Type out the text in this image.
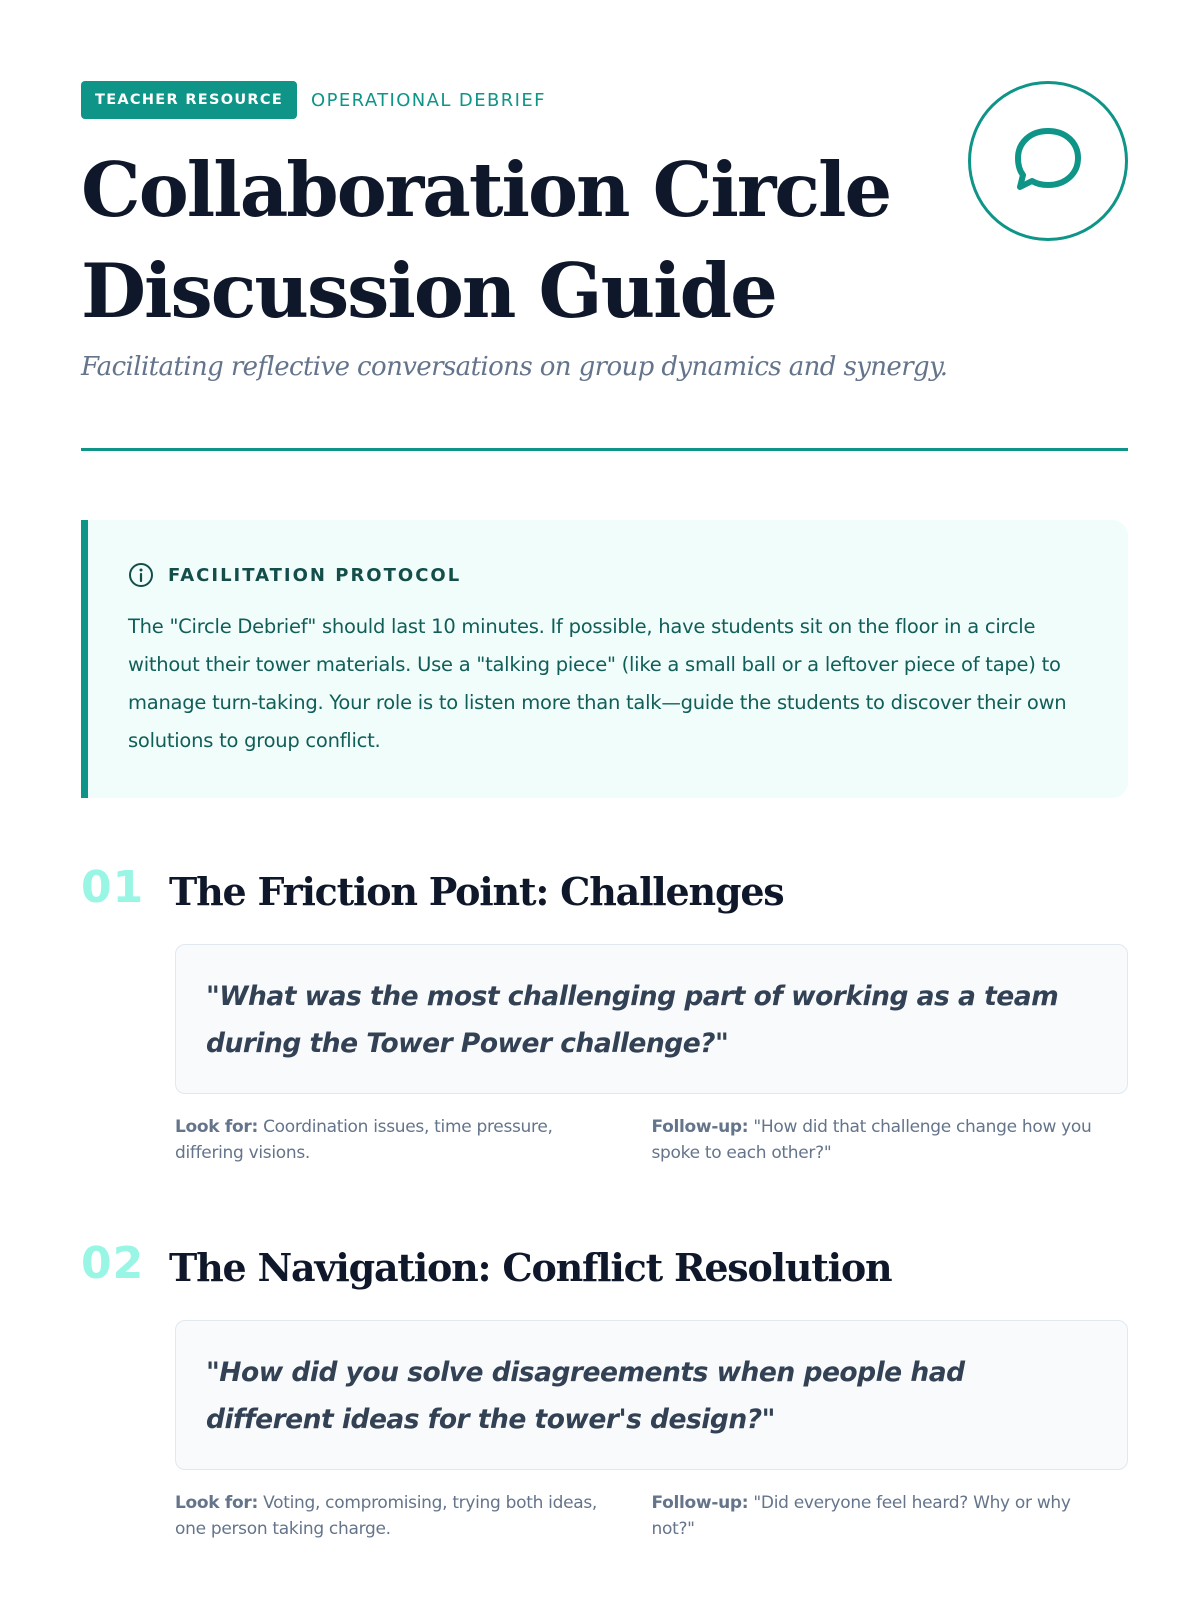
TEACHER RESOURCE	OPERATIONAL DEBRIEF
Collaboration Circle
Discussion Guide

Facilitating reflective conversations on group dynamics and synergy.

FACILITATION PROTOCOL

The "Circle Debrief" should last 10 minutes. If possible, have students sit on the floor in a circle without their tower materials. Use a "talking piece" (like a small ball or a leftover piece of tape) to manage turn-taking. Your role is to listen more than talk—guide the students to discover their own solutions to group conflict.

01 The Friction Point: Challenges

"What was the most challenging part of working as a team during the Tower Power challenge?"

Look for: Coordination issues, time pressure, differing visions.

Follow-up: "How did that challenge change how you spoke to each other?"

02 The Navigation: Conflict Resolution

"How did you solve disagreements when people had different ideas for the tower's design?"

Look for: Voting, compromising, trying both ideas, one person taking charge.

Follow-up: "Did everyone feel heard? Why or why not?"
